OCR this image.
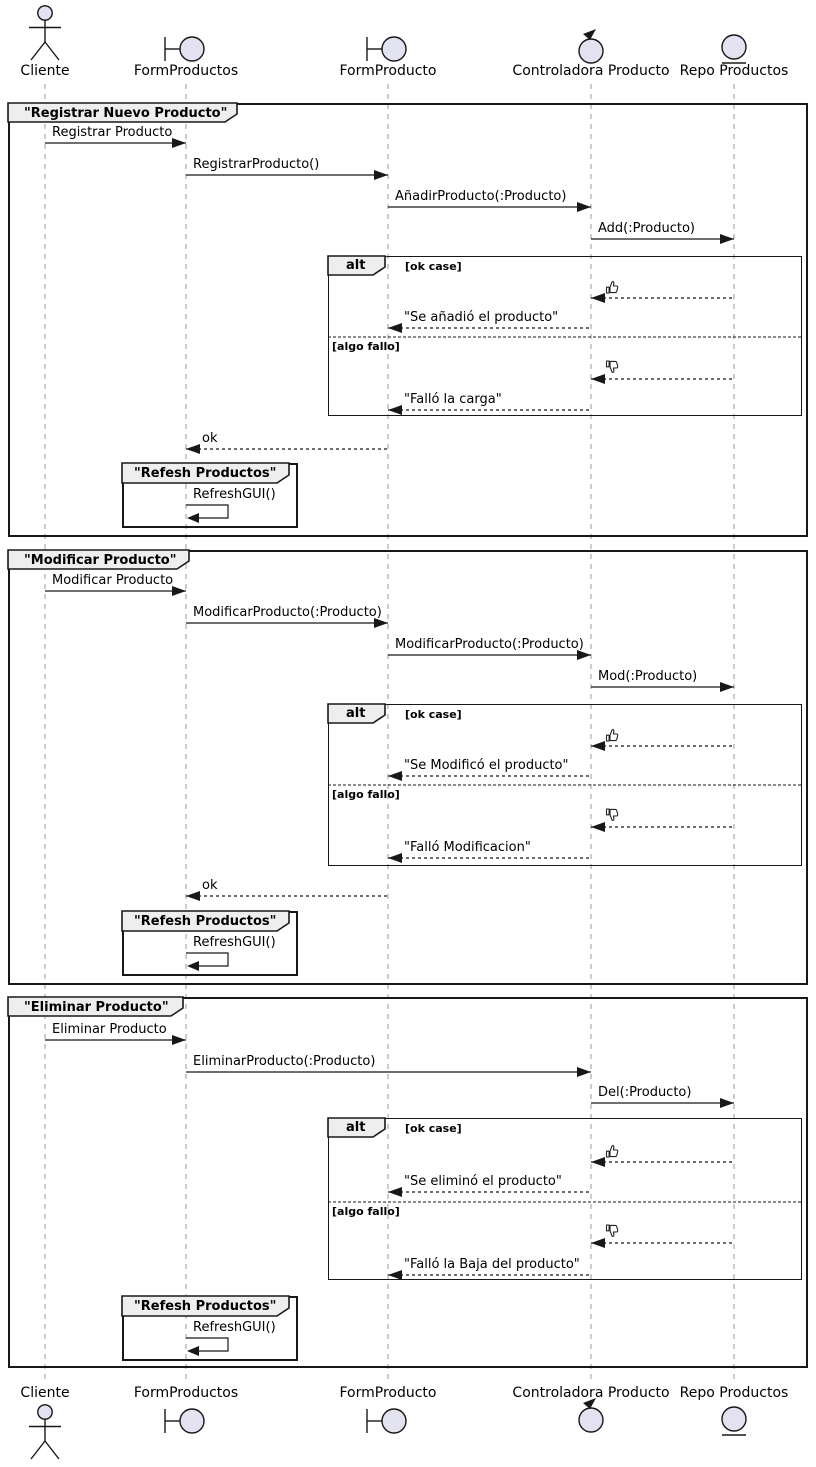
"Registrar Nuevo Producto"
"Modificar Producto"
"Eliminar Producto"
alt	[ok case]
[algo fallo]
alt	[ok case]
[algo fallo]
alt	[ok case]
[algo fallo]
"Refesh Productos"
"Refesh Productos"
"Refesh Productos"
Registrar Producto
RegistrarProducto()
AñadirProducto(:Producto)
Add(:Producto)
"Se añadió el producto"
"Falló la carga"
ok
RefreshGUI()
Modificar Producto
ModificarProducto(:Producto)
ModificarProducto(:Producto)
Mod(:Producto)
"Se Modificó el producto"
"Falló Modificacion"
ok
RefreshGUI()
Eliminar Producto
EliminarProducto(:Producto)
Del(:Producto)
"Se eliminó el producto"
"Falló la Baja del producto"
RefreshGUI()
Cliente
Cliente
FormProductos
FormProductos
FormProducto
FormProducto
Controladora Producto
Controladora Producto
Repo Productos
Repo Productos
